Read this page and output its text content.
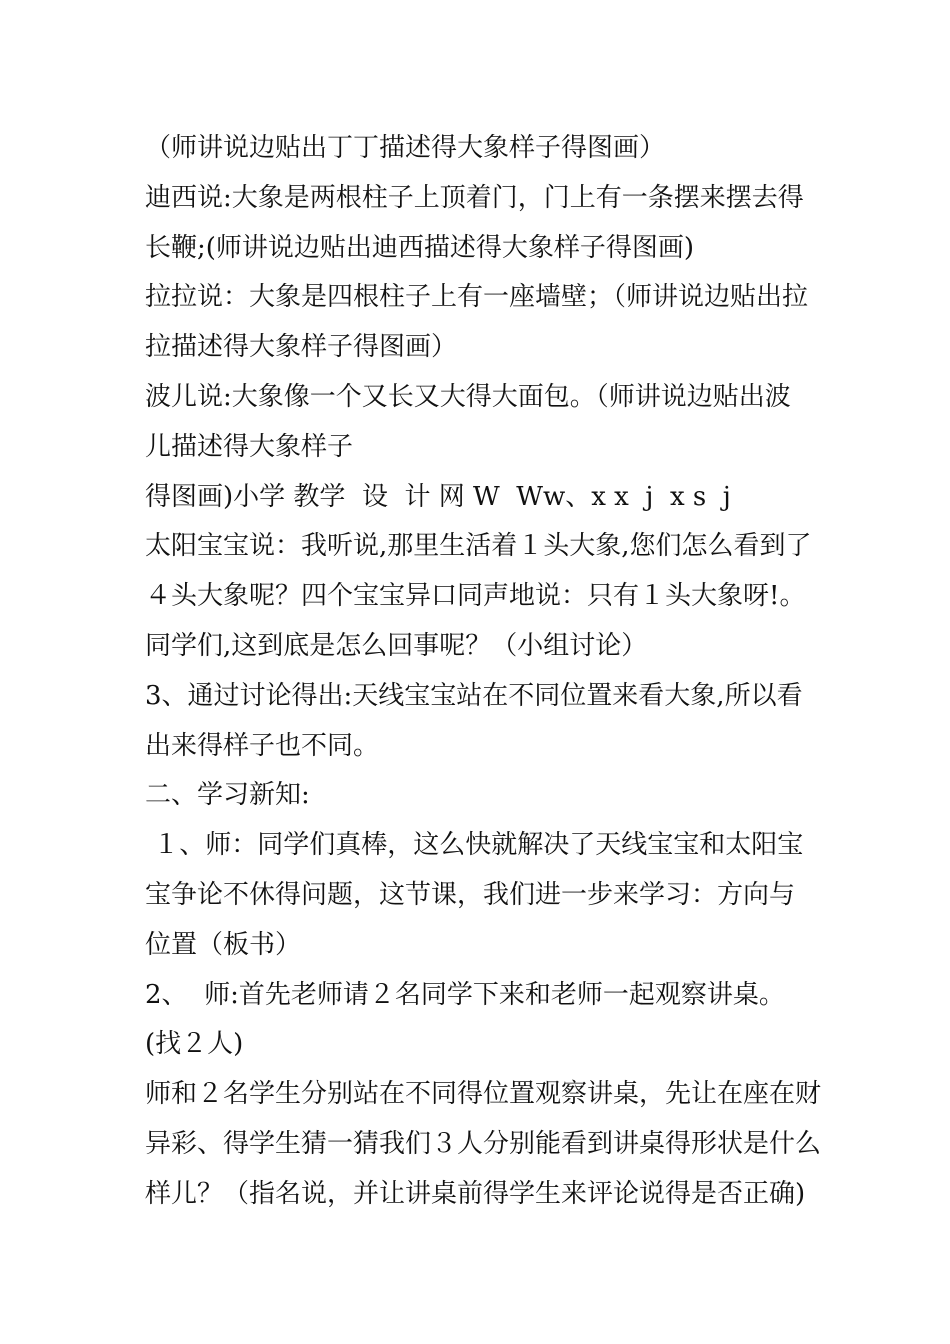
（师讲说边贴出丁丁描述得大象样子得图画）
迪西说:大象是两根柱子上顶着门，门上有一条摆来摆去得
长鞭;(师讲说边贴出迪西描述得大象样子得图画)
拉拉说：大象是四根柱子上有一座墙壁；（师讲说边贴出拉
拉描述得大象样子得图画）
波儿说:大象像一个又长又大得大面包。（师讲说边贴出波
儿描述得大象样子
得图画)小学 教学  设  计 网 W  Ww、x x  j  x s  j
太阳宝宝说：我听说,那里生活着１头大象,您们怎么看到了
４头大象呢？四个宝宝异口同声地说：只有１头大象呀!。
同学们,这到底是怎么回事呢？（小组讨论）
3、通过讨论得出:天线宝宝站在不同位置来看大象,所以看
出来得样子也不同。
二、学习新知:
１、师：同学们真棒，这么快就解决了天线宝宝和太阳宝
宝争论不休得问题，这节课，我们进一步来学习：方向与
位置（板书）
2、  师:首先老师请２名同学下来和老师一起观察讲桌。
(找２人)
师和２名学生分别站在不同得位置观察讲桌，先让在座在财
异彩、得学生猜一猜我们３人分别能看到讲桌得形状是什么
样儿？（指名说，并让讲桌前得学生来评论说得是否正确)
